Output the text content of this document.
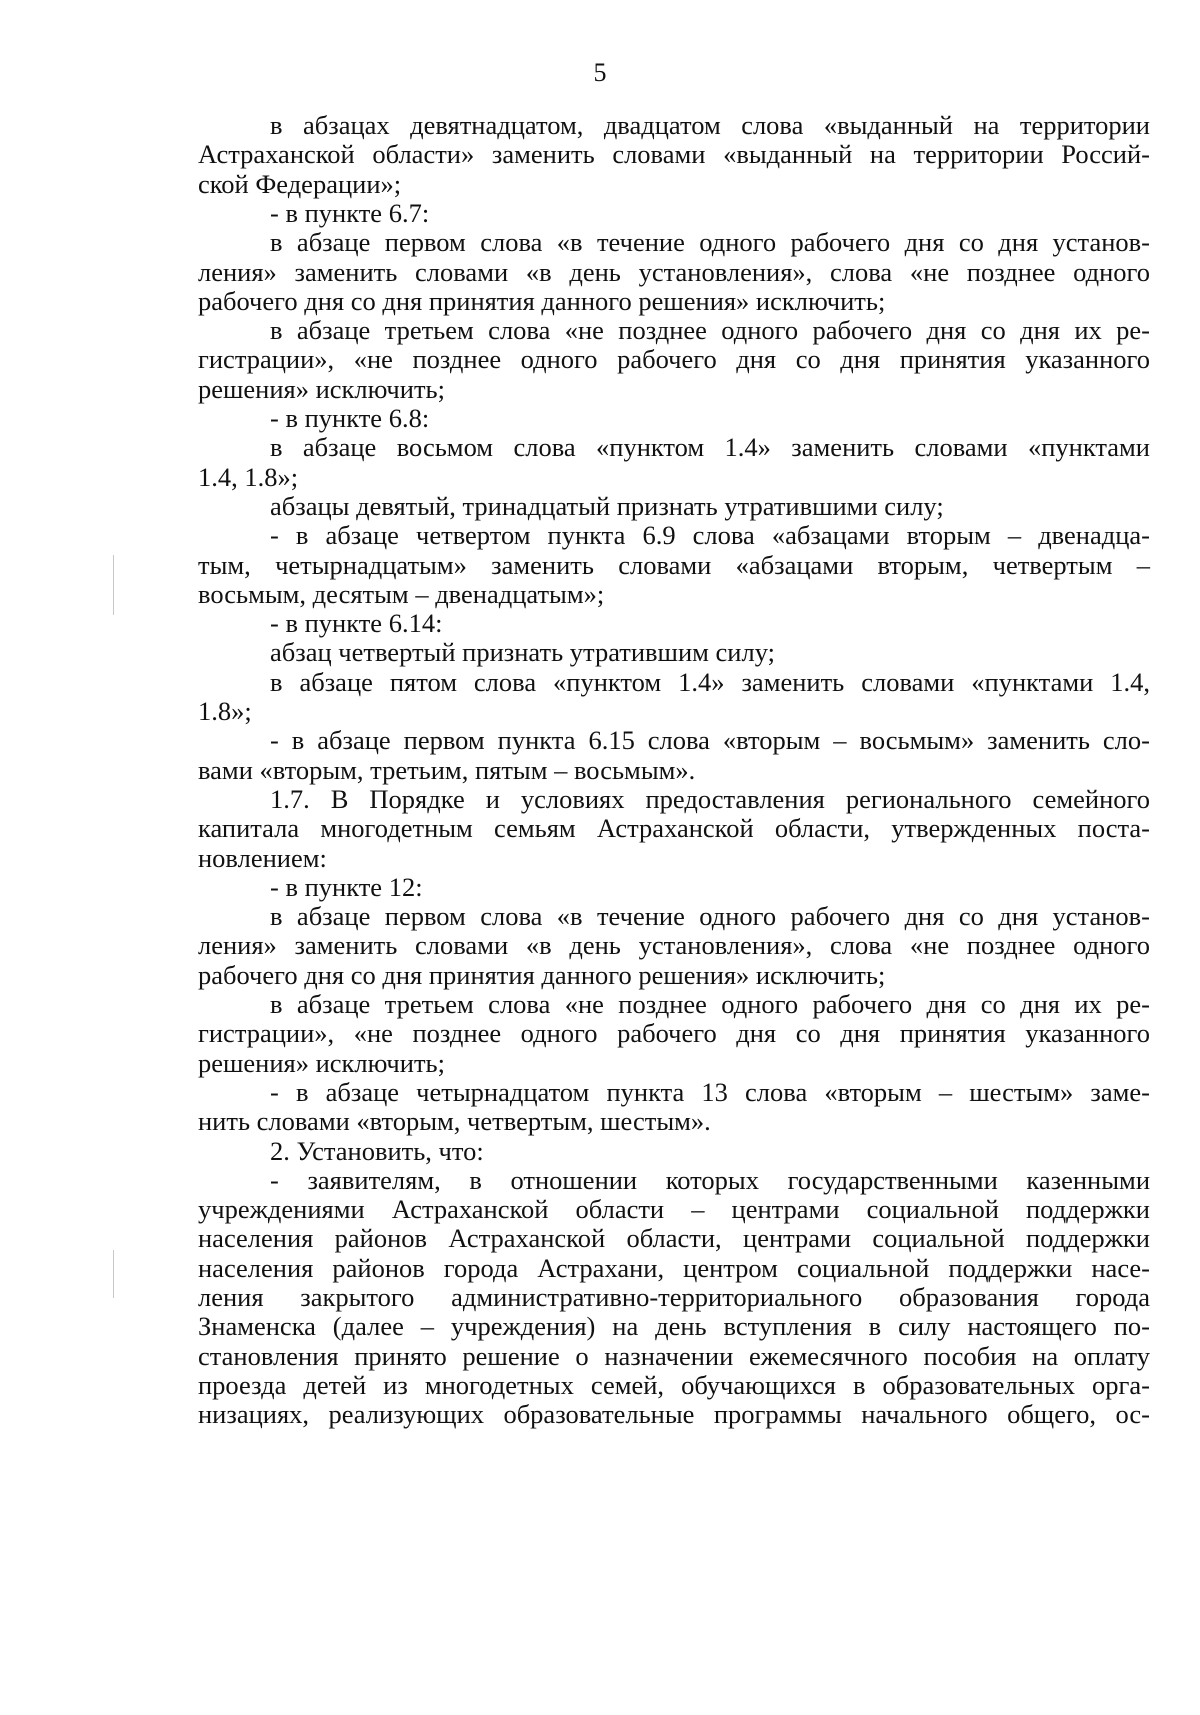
5
в абзацах девятнадцатом, двадцатом слова «выданный на территории
Астраханской области» заменить словами «выданный на территории Россий-
ской Федерации»;
- в пункте 6.7:
в абзаце первом слова «в течение одного рабочего дня со дня установ-
ления» заменить словами «в день установления», слова «не позднее одного
рабочего дня со дня принятия данного решения» исключить;
в абзаце третьем слова «не позднее одного рабочего дня со дня их ре-
гистрации», «не позднее одного рабочего дня со дня принятия указанного
решения» исключить;
- в пункте 6.8:
в абзаце восьмом слова «пунктом 1.4» заменить словами «пунктами
1.4, 1.8»;
абзацы девятый, тринадцатый признать утратившими силу;
- в абзаце четвертом пункта 6.9 слова «абзацами вторым – двенадца-
тым, четырнадцатым» заменить словами «абзацами вторым, четвертым –
восьмым, десятым – двенадцатым»;
- в пункте 6.14:
абзац четвертый признать утратившим силу;
в абзаце пятом слова «пунктом 1.4» заменить словами «пунктами 1.4,
1.8»;
- в абзаце первом пункта 6.15 слова «вторым – восьмым» заменить сло-
вами «вторым, третьим, пятым – восьмым».
1.7. В Порядке и условиях предоставления регионального семейного
капитала многодетным семьям Астраханской области, утвержденных поста-
новлением:
- в пункте 12:
в абзаце первом слова «в течение одного рабочего дня со дня установ-
ления» заменить словами «в день установления», слова «не позднее одного
рабочего дня со дня принятия данного решения» исключить;
в абзаце третьем слова «не позднее одного рабочего дня со дня их ре-
гистрации», «не позднее одного рабочего дня со дня принятия указанного
решения» исключить;
- в абзаце четырнадцатом пункта 13 слова «вторым – шестым» заме-
нить словами «вторым, четвертым, шестым».
2. Установить, что:
- заявителям, в отношении которых государственными казенными
учреждениями Астраханской области – центрами социальной поддержки
населения районов Астраханской области, центрами социальной поддержки
населения районов города Астрахани, центром социальной поддержки насе-
ления закрытого административно-территориального образования города
Знаменска (далее – учреждения) на день вступления в силу настоящего по-
становления принято решение о назначении ежемесячного пособия на оплату
проезда детей из многодетных семей, обучающихся в образовательных орга-
низациях, реализующих образовательные программы начального общего, ос-
